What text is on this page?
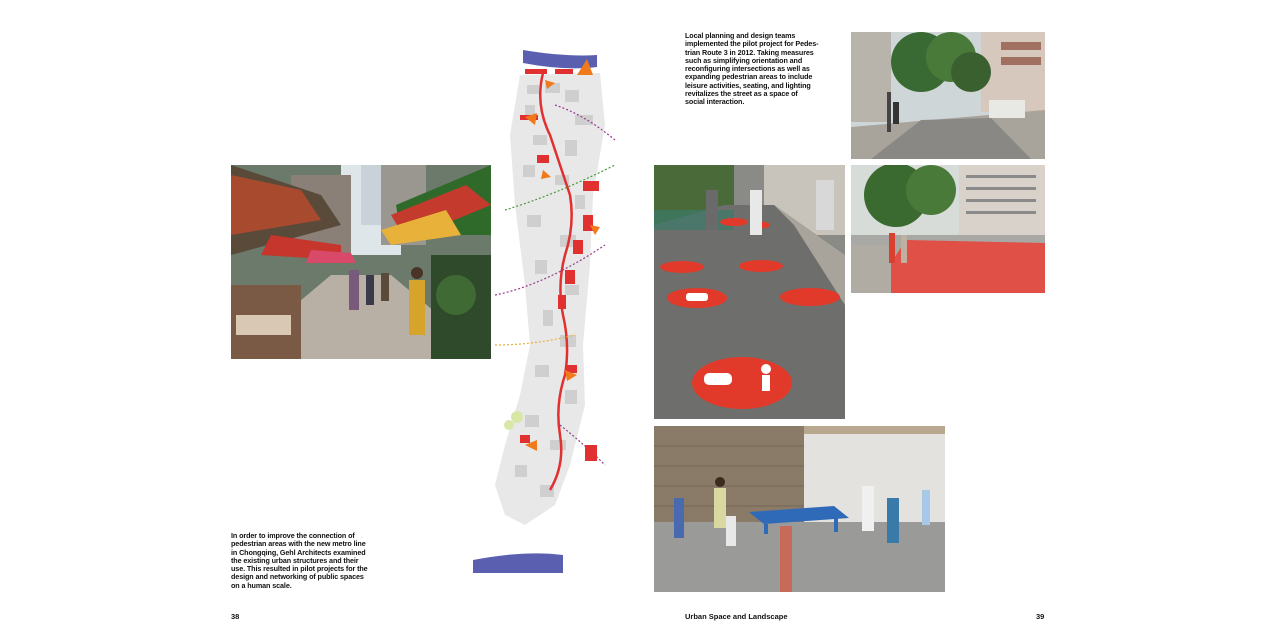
In order to improve the connection of

pedestrian areas with the new metro line

in Chongqing, Gehl Architects examined

the existing urban structures and their

use. This resulted in pilot projects for the

design and networking of public spaces

on a human scale.

38

Local planning and design teams

implemented the pilot project for Pedes-

trian Route 3 in 2012. Taking measures

such as simplifying orientation and

reconfiguring intersections as well as

expanding pedestrian areas to include

leisure activities, seating, and lighting

revitalizes the street as a space of

social interaction.

Urban Space and Landscape	39
